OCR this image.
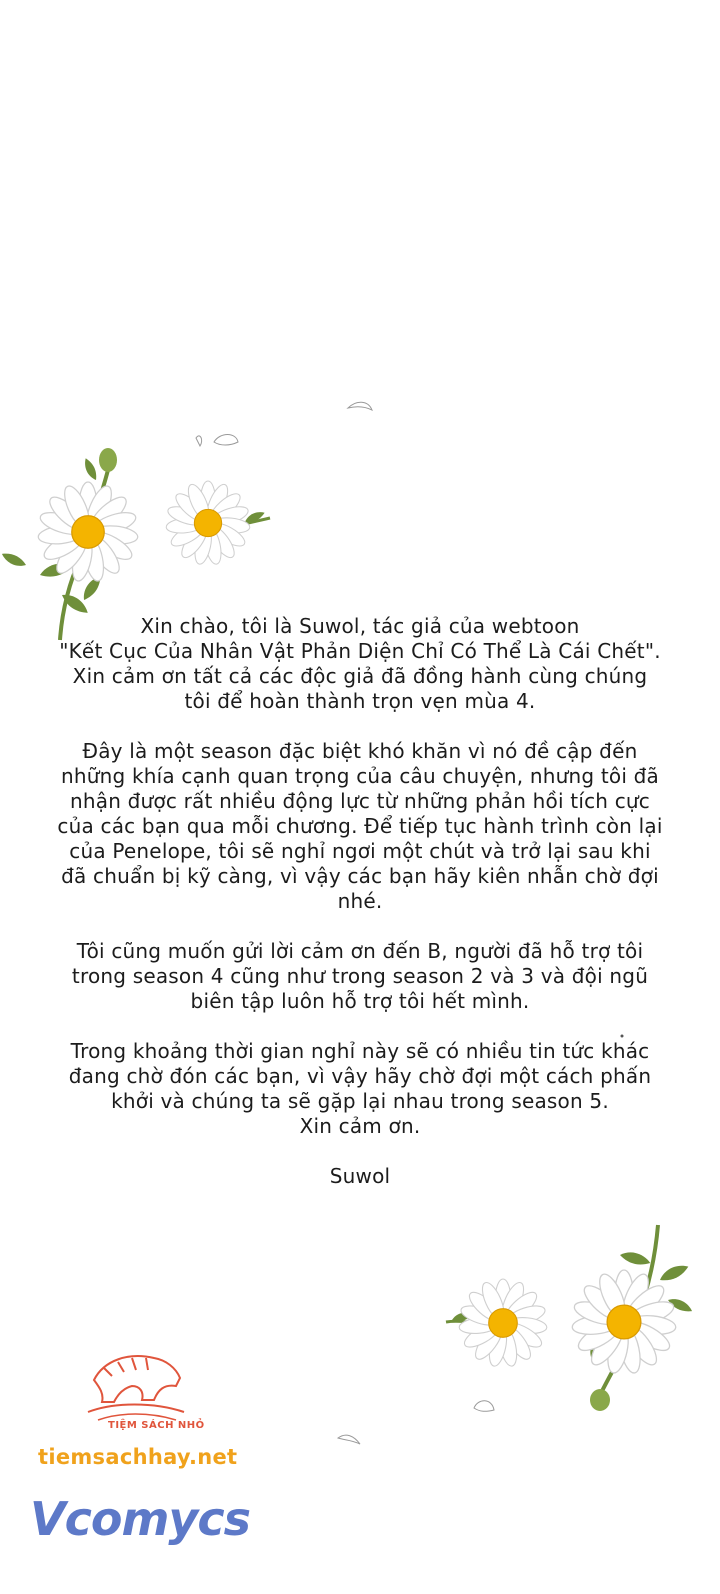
Xin chào, tôi là Suwol, tác giả của webtoon
"Kết Cục Của Nhân Vật Phản Diện Chỉ Có Thể Là Cái Chết".
Xin cảm ơn tất cả các độc giả đã đồng hành cùng chúng
tôi để hoàn thành trọn vẹn mùa 4.
Đây là một season đặc biệt khó khăn vì nó đề cập đến
những khía cạnh quan trọng của câu chuyện, nhưng tôi đã
nhận được rất nhiều động lực từ những phản hồi tích cực
của các bạn qua mỗi chương. Để tiếp tục hành trình còn lại
của Penelope, tôi sẽ nghỉ ngơi một chút và trở lại sau khi
đã chuẩn bị kỹ càng, vì vậy các bạn hãy kiên nhẫn chờ đợi
nhé.
Tôi cũng muốn gửi lời cảm ơn đến B, người đã hỗ trợ tôi
trong season 4 cũng như trong season 2 và 3 và đội ngũ
biên tập luôn hỗ trợ tôi hết mình.
Trong khoảng thời gian nghỉ này sẽ có nhiều tin tức khác
đang chờ đón các bạn, vì vậy hãy chờ đợi một cách phấn
khởi và chúng ta sẽ gặp lại nhau trong season 5.
Xin cảm ơn.
Suwol
TIỆM SÁCH NHỎ
tiemsachhay.net
Vcomycs
